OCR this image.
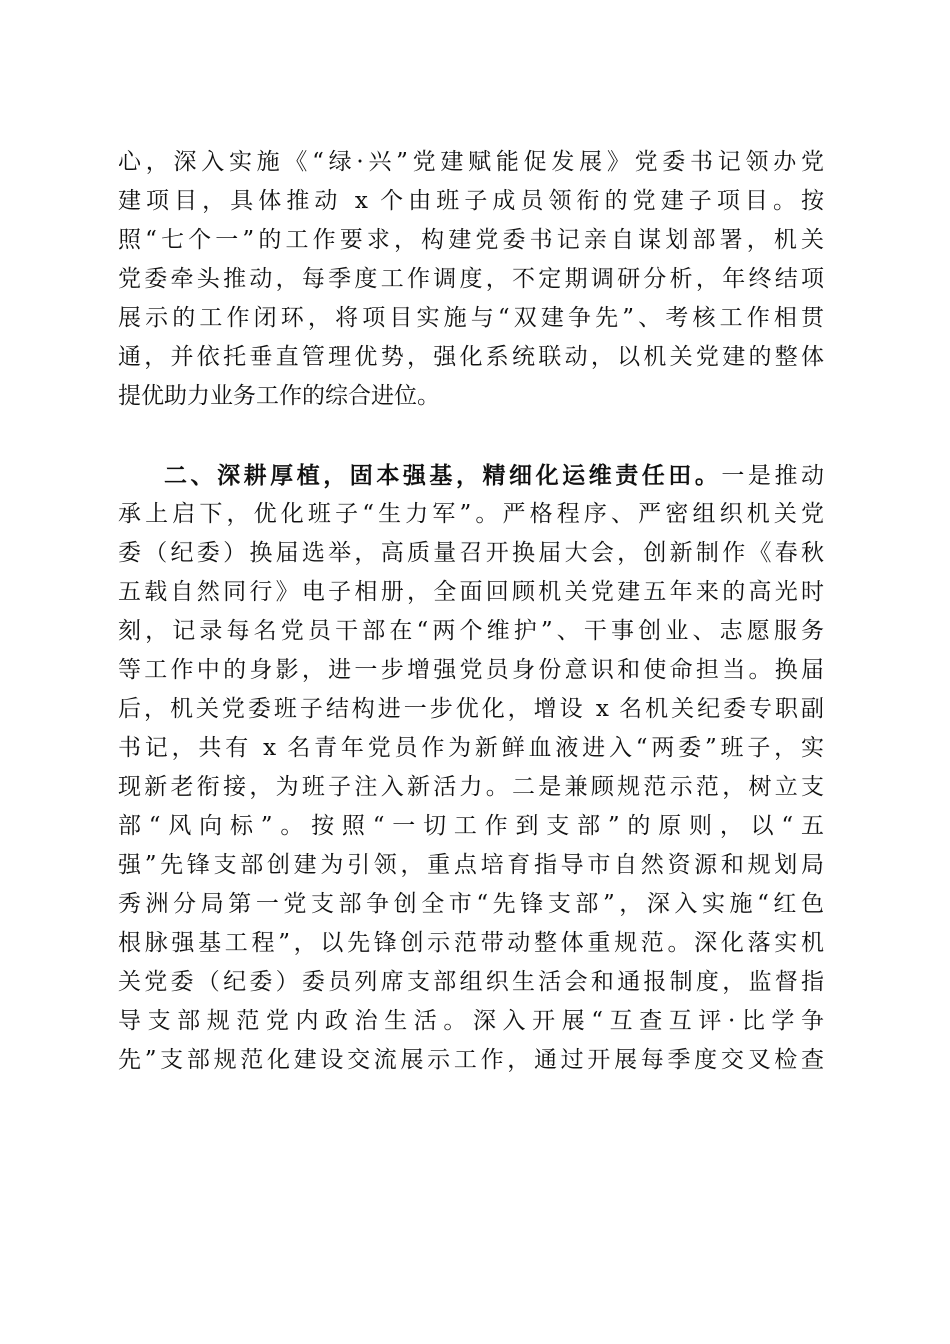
心，深入实施《“绿·兴”党建赋能促发展》党委书记领办党
建项目，具体推动 x 个由班子成员领衔的党建子项目。按
照“七个一”的工作要求，构建党委书记亲自谋划部署，机关
党委牵头推动，每季度工作调度，不定期调研分析，年终结项
展示的工作闭环，将项目实施与“双建争先”、考核工作相贯
通，并依托垂直管理优势，强化系统联动，以机关党建的整体
提优助力业务工作的综合进位。
二、深耕厚植，固本强基，精细化运维责任田。一是推动
承上启下，优化班子“生力军”。严格程序、严密组织机关党
委（纪委）换届选举，高质量召开换届大会，创新制作《春秋
五载自然同行》电子相册，全面回顾机关党建五年来的高光时
刻，记录每名党员干部在“两个维护”、干事创业、志愿服务
等工作中的身影，进一步增强党员身份意识和使命担当。换届
后，机关党委班子结构进一步优化，增设 x 名机关纪委专职副
书记，共有 x 名青年党员作为新鲜血液进入“两委”班子，实
现新老衔接，为班子注入新活力。二是兼顾规范示范，树立支
部“风向标”。按照“一切工作到支部”的原则，以“五
强”先锋支部创建为引领，重点培育指导市自然资源和规划局
秀洲分局第一党支部争创全市“先锋支部”，深入实施“红色
根脉强基工程”，以先锋创示范带动整体重规范。深化落实机
关党委（纪委）委员列席支部组织生活会和通报制度，监督指
导支部规范党内政治生活。深入开展“互查互评·比学争
先”支部规范化建设交流展示工作，通过开展每季度交叉检查
